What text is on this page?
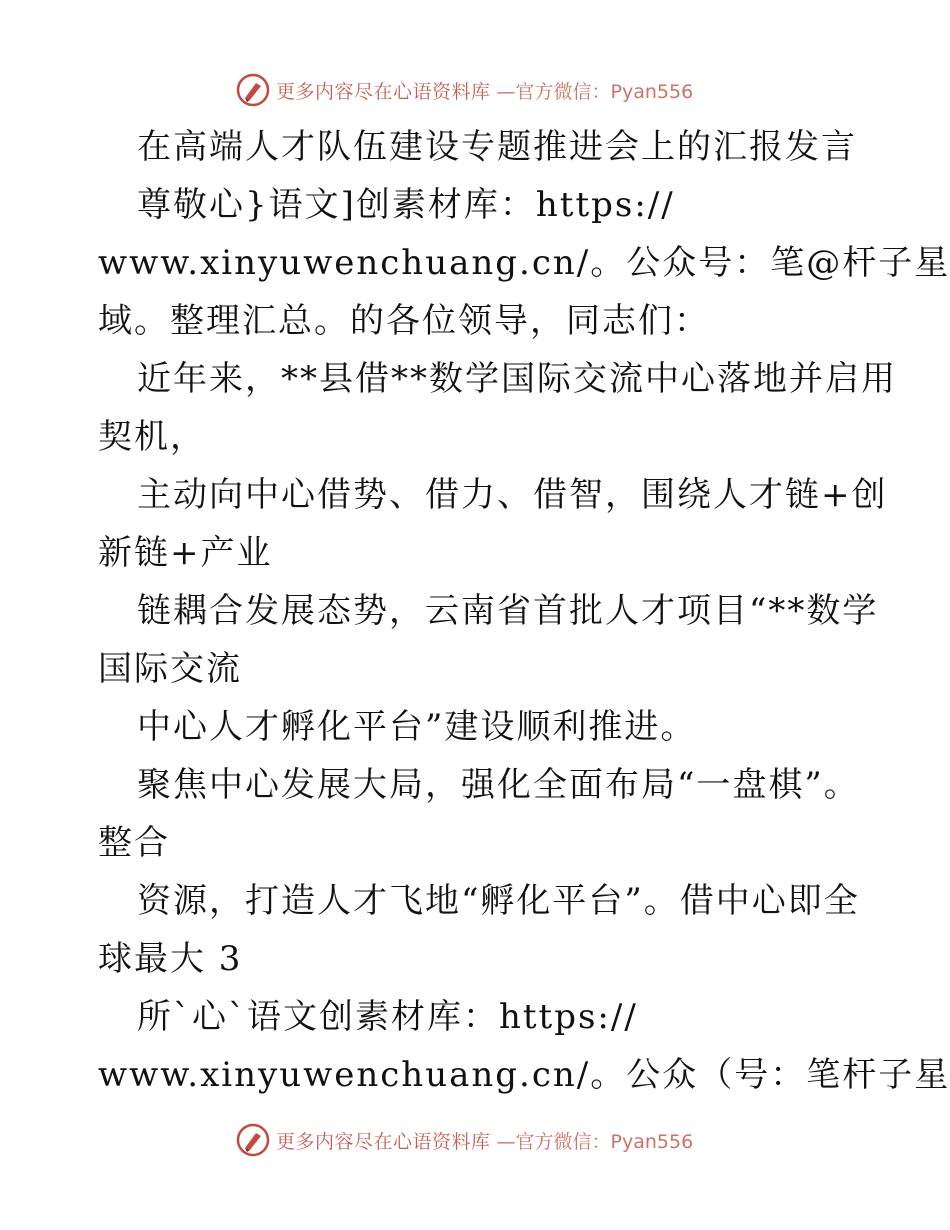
更多内容尽在心语资料库 —官方微信：Pyan556
在高端人才队伍建设专题推进会上的汇报发言
尊敬心}语文]创素材库：https://
www.xinyuwenchuang.cn/。公众号：笔@杆子星
域。整理汇总。的各位领导，同志们：
近年来，**县借**数学国际交流中心落地并启用
契机，
主动向中心借势、借力、借智，围绕人才链+创
新链+产业
链耦合发展态势，云南省首批人才项目“**数学
国际交流
中心人才孵化平台”建设顺利推进。
聚焦中心发展大局，强化全面布局“一盘棋”。
整合
资源，打造人才飞地“孵化平台”。借中心即全
球最大 3
所`心`语文创素材库：https://
www.xinyuwenchuang.cn/。公众（号：笔杆子星
更多内容尽在心语资料库 —官方微信：Pyan556
